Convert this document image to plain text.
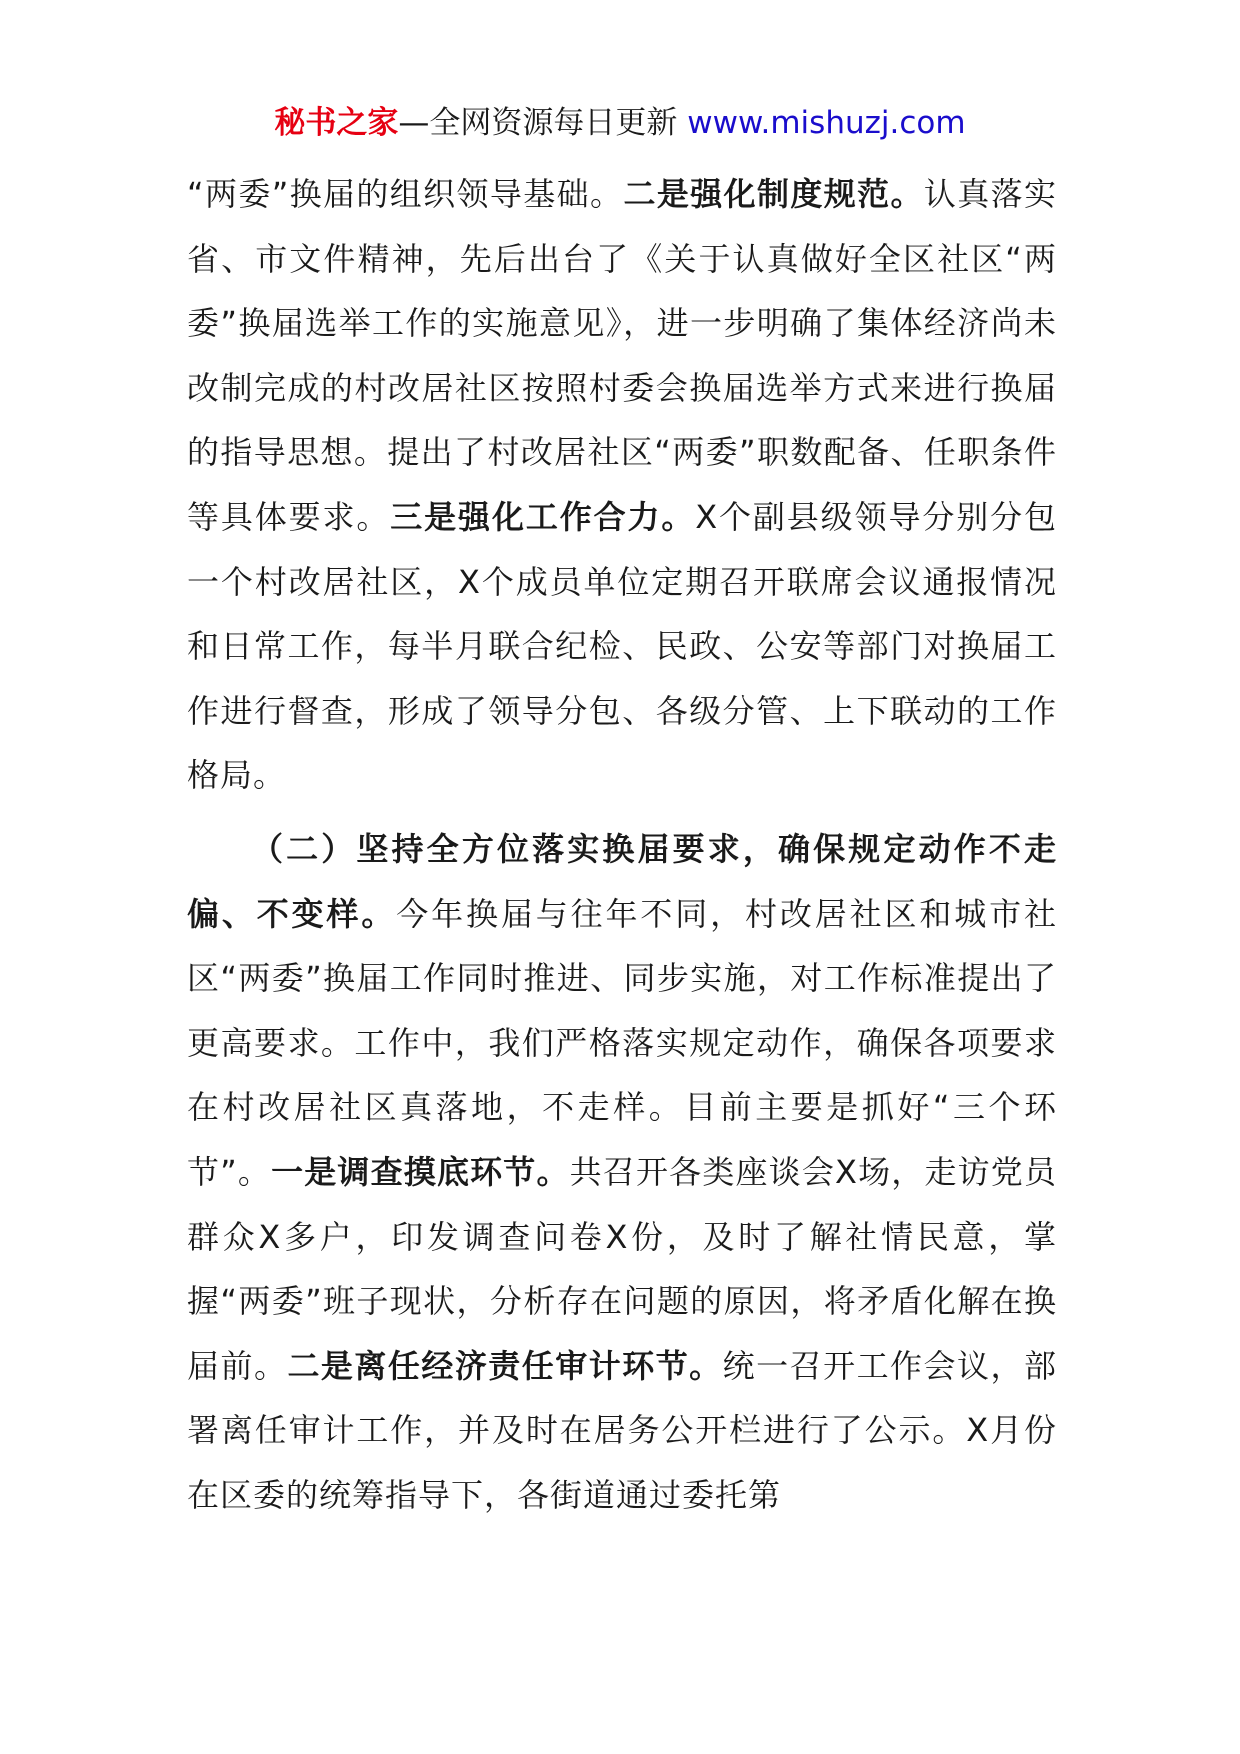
秘书之家—全网资源每日更新 www.mishuzj.com

“两委”换届的组织领导基础。二是强化制度规范。认真落实省、市文件精神，先后出台了《关于认真做好全区社区“两委”换届选举工作的实施意见》，进一步明确了集体经济尚未改制完成的村改居社区按照村委会换届选举方式来进行换届的指导思想。提出了村改居社区“两委”职数配备、任职条件等具体要求。三是强化工作合力。X个副县级领导分别分包一个村改居社区，X个成员单位定期召开联席会议通报情况和日常工作，每半月联合纪检、民政、公安等部门对换届工作进行督查，形成了领导分包、各级分管、上下联动的工作格局。

（二）坚持全方位落实换届要求，确保规定动作不走偏、不变样。今年换届与往年不同，村改居社区和城市社区“两委”换届工作同时推进、同步实施，对工作标准提出了更高要求。工作中，我们严格落实规定动作，确保各项要求在村改居社区真落地，不走样。目前主要是抓好“三个环节”。一是调查摸底环节。共召开各类座谈会X场，走访党员群众X多户，印发调查问卷X份，及时了解社情民意，掌握“两委”班子现状，分析存在问题的原因，将矛盾化解在换届前。二是离任经济责任审计环节。统一召开工作会议，部署离任审计工作，并及时在居务公开栏进行了公示。X月份在区委的统筹指导下，各街道通过委托第
